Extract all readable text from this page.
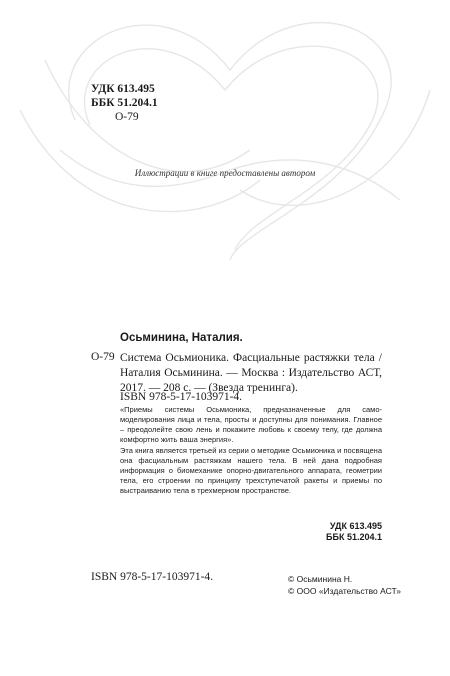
УДК 613.495
ББК 51.204.1
О-79
Иллюстрации в книге предоставлены автором
Осьминина, Наталия.
О-79 Система Осьмионика. Фасциальные растяжки тела / Наталия Осьминина. — Москва : Издательство АСТ, 2017. — 208 с. — (Звезда тренинга).
ISBN 978-5-17-103971-4.

«Приемы системы Осьмионика, предназначенные для самомоделирования лица и тела, просты и доступны для понимания. Главное – преодолейте свою лень и покажите любовь к своему телу, где должна комфортно жить ваша энергия».

Эта книга является третьей из серии о методике Осьмионика и посвящена она фасциальным растяжкам нашего тела. В ней дана подробная информация о биомеханике опорно-двигательного аппарата, геометрии тела, его строении по принципу трехступечатой ракеты и приемы по выстраиванию тела в трехмерном пространстве.

УДК 613.495
ББК 51.204.1
ISBN 978-5-17-103971-4.	© Осьминина Н.
© ООО «Издательство АСТ»
